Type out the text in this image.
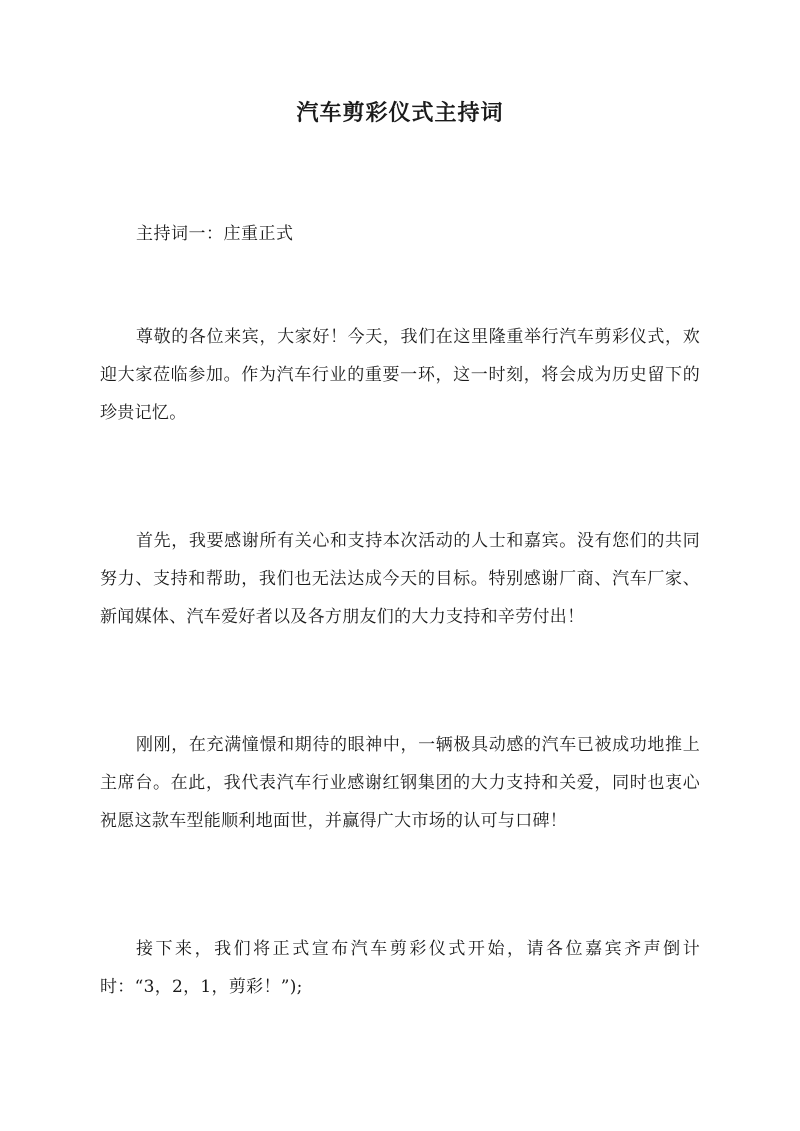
汽车剪彩仪式主持词
主持词一：庄重正式

尊敬的各位来宾，大家好！今天，我们在这里隆重举行汽车剪彩仪式，欢迎大家莅临参加。作为汽车行业的重要一环，这一时刻，将会成为历史留下的珍贵记忆。

首先，我要感谢所有关心和支持本次活动的人士和嘉宾。没有您们的共同努力、支持和帮助，我们也无法达成今天的目标。特别感谢厂商、汽车厂家、新闻媒体、汽车爱好者以及各方朋友们的大力支持和辛劳付出！

刚刚，在充满憧憬和期待的眼神中，一辆极具动感的汽车已被成功地推上主席台。在此，我代表汽车行业感谢红钢集团的大力支持和关爱，同时也衷心祝愿这款车型能顺利地面世，并赢得广大市场的认可与口碑！

接下来，我们将正式宣布汽车剪彩仪式开始，请各位嘉宾齐声倒计时：“3，2，1，剪彩！”);
